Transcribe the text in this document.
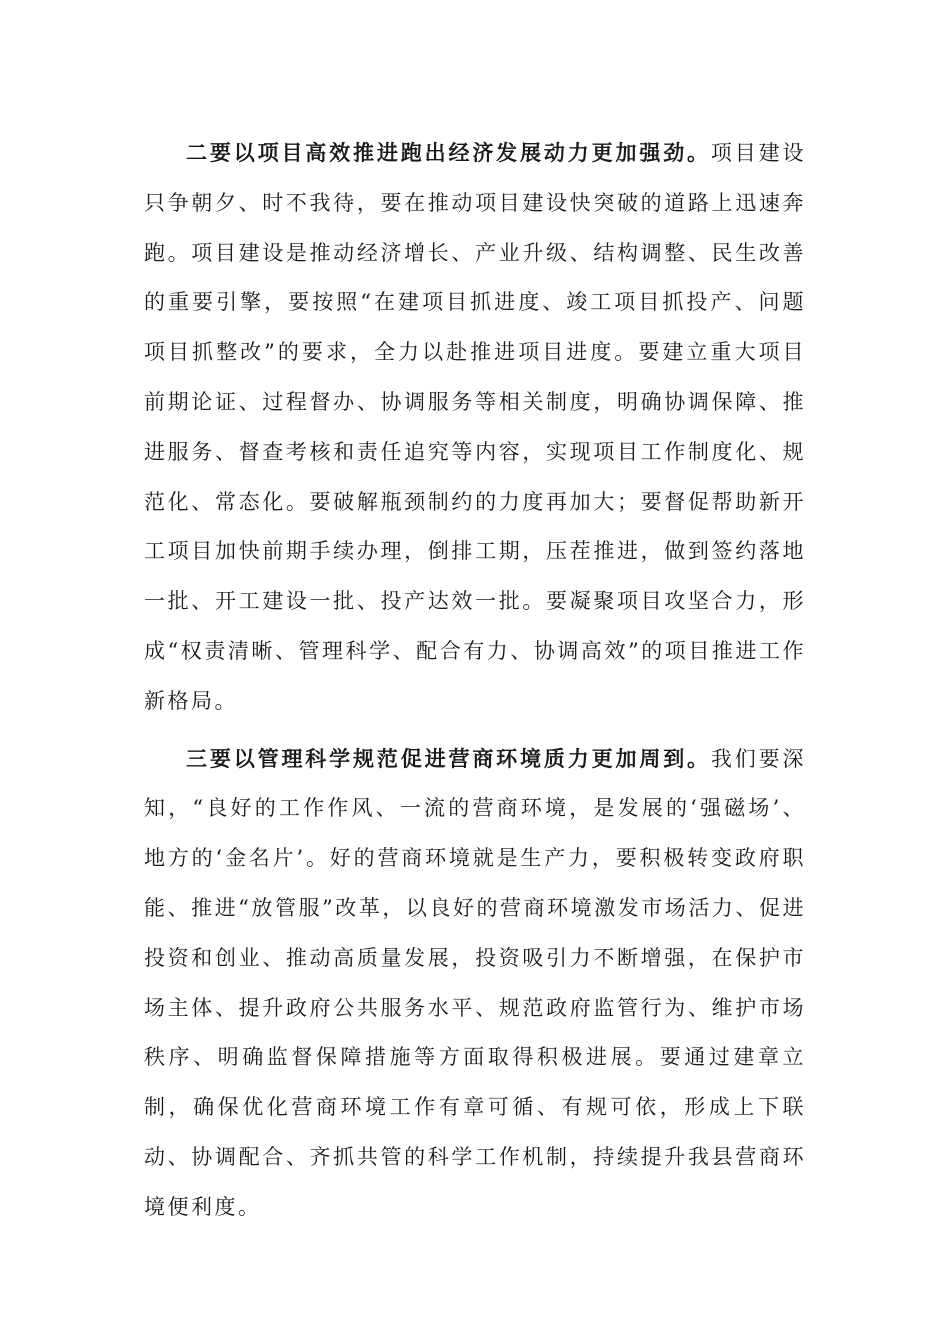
二要以项目高效推进跑出经济发展动力更加强劲。项目建设只争朝夕、时不我待，要在推动项目建设快突破的道路上迅速奔跑。项目建设是推动经济增长、产业升级、结构调整、民生改善的重要引擎，要按照“在建项目抓进度、竣工项目抓投产、问题项目抓整改”的要求，全力以赴推进项目进度。要建立重大项目前期论证、过程督办、协调服务等相关制度，明确协调保障、推进服务、督查考核和责任追究等内容，实现项目工作制度化、规范化、常态化。要破解瓶颈制约的力度再加大；要督促帮助新开工项目加快前期手续办理，倒排工期，压茬推进，做到签约落地一批、开工建设一批、投产达效一批。要凝聚项目攻坚合力，形成“权责清晰、管理科学、配合有力、协调高效”的项目推进工作新格局。

三要以管理科学规范促进营商环境质力更加周到。我们要深知，“良好的工作作风、一流的营商环境，是发展的‘强磁场’、地方的‘金名片’。好的营商环境就是生产力，要积极转变政府职能、推进“放管服”改革，以良好的营商环境激发市场活力、促进投资和创业、推动高质量发展，投资吸引力不断增强，在保护市场主体、提升政府公共服务水平、规范政府监管行为、维护市场秩序、明确监督保障措施等方面取得积极进展。要通过建章立制，确保优化营商环境工作有章可循、有规可依，形成上下联动、协调配合、齐抓共管的科学工作机制，持续提升我县营商环境便利度。
